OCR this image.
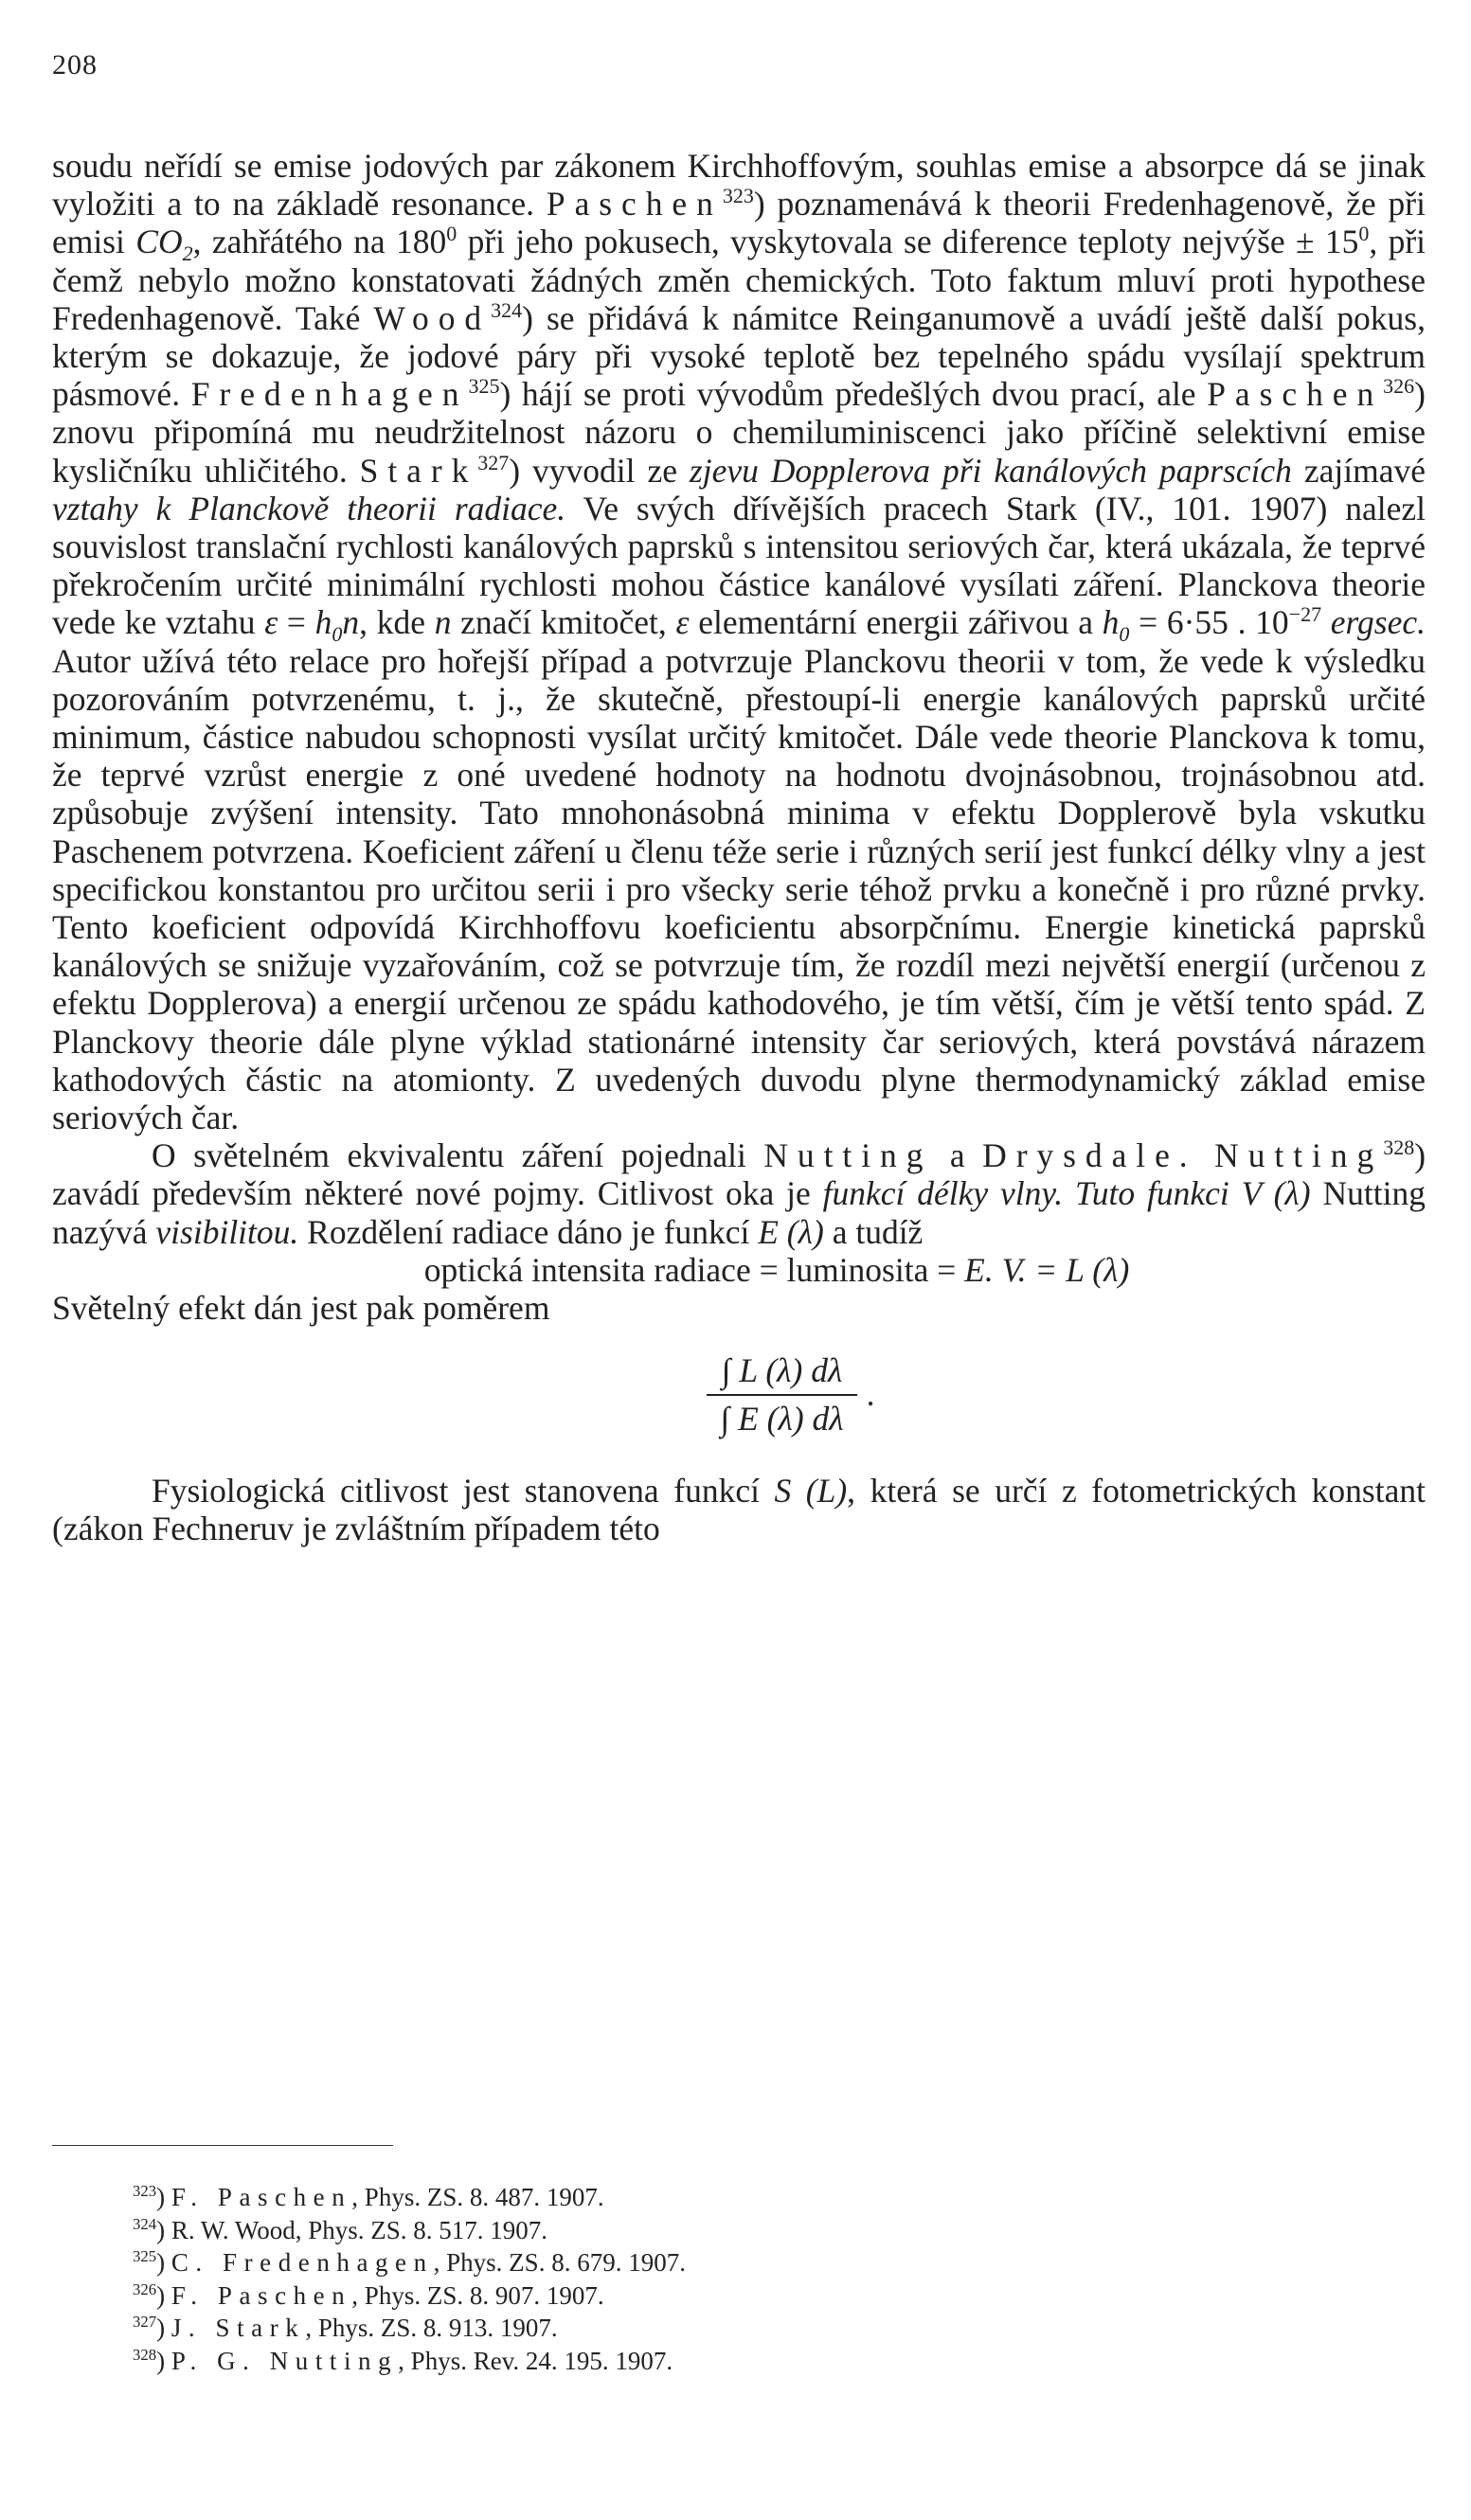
208

soudu neřídí se emise jodových par zákonem Kirchhoffovým, souhlas emise a absorpce dá se jinak vyložiti a to na základě resonance. Paschen$^{323}$) poznamenává k theorii Fredenhagenově, že při emisi $CO_2$, zahřátého na $180^0$ při jeho pokusech, vyskytovala se diference teploty nejvýše ± $15^0$, při čemž nebylo možno konstatovati žádných změn chemických. Toto faktum mluví proti hypothese Fredenhagenově. Také Wood$^{324}$) se přidává k námitce Reinganumově a uvádí ještě další pokus, kterým se dokazuje, že jodové páry při vysoké teplotě bez tepelného spádu vysílají spektrum pásmové. Fredenhagen$^{325}$) hájí se proti vývodům předešlých dvou prací, ale Paschen$^{326}$) znovu připomíná mu neudržitelnost názoru o chemiluminiscenci jako příčině selektivní emise kysličníku uhličitého. Stark$^{327}$) vyvodil ze zjevu Dopplerova při kanálových paprscích zajímavé vztahy k Planckově theorii radiace. Ve svých dřívějších pracech Stark (IV., 101. 1907) nalezl souvislost translační rychlosti kanálových paprsků s intensitou seriových čar, která ukázala, že teprvé překročením určité minimální rychlosti mohou částice kanálové vysílati záření. Planckova theorie vede ke vztahu $\varepsilon = h_0n$, kde n značí kmitočet, ε elementární energii zářivou a $h_0 = 6\cdot 55$ . $10^{-27}$ ergsec. Autor užívá této relace pro hořejší případ a potvrzuje Planckovu theorii v tom, že vede k výsledku pozorováním potvrzenému, t. j., že skutečně, přestoupí-li energie kanálových paprsků určité minimum, částice nabudou schopnosti vysílat určitý kmitočet. Dále vede theorie Planckova k tomu, že teprvé vzrůst energie z oné uvedené hodnoty na hodnotu dvojnásobnou, trojnásobnou atd. způsobuje zvýšení intensity. Tato mnohonásobná minima v efektu Dopplerově byla vskutku Paschenem potvrzena. Koeficient záření u členu téže serie i různých serií jest funkcí délky vlny a jest specifickou konstantou pro určitou serii i pro všecky serie téhož prvku a konečně i pro různé prvky. Tento koeficient odpovídá Kirchhoffovu koeficientu absorpčnímu. Energie kinetická paprsků kanálových se snižuje vyzařováním, což se potvrzuje tím, že rozdíl mezi největší energií (určenou z efektu Dopplerova) a energií určenou ze spádu kathodového, je tím větší, čím je větší tento spád. Z Planckovy theorie dále plyne výklad stationárné intensity čar seriových, která povstává nárazem kathodových částic na atomionty. Z uvedených duvodu plyne thermodynamický základ emise seriových čar.

O světelném ekvivalentu záření pojednali Nutting a Drysdale. Nutting$^{328}$) zavádí především některé nové pojmy. Citlivost oka je funkcí délky vlny. Tuto funkci V (λ) Nutting nazývá visibilitou. Rozdělení radiace dáno je funkcí E (λ) a tudíž

optická intensita radiace = luminosita = E. V. = L (λ)

Světelný efekt dán jest pak poměrem

$\frac{\int L (\lambda) d\lambda}{\int E (\lambda) d\lambda}$ .

Fysiologická citlivost jest stanovena funkcí S (L), která se určí z fotometrických konstant (zákon Fechneruv je zvláštním případem této

$^{323}$) F. Paschen, Phys. ZS. 8. 487. 1907.

$^{324}$) R. W. Wood, Phys. ZS. 8. 517. 1907.

$^{325}$) C. Fredenhagen, Phys. ZS. 8. 679. 1907.

$^{326}$) F. Paschen, Phys. ZS. 8. 907. 1907.

$^{327}$) J. Stark, Phys. ZS. 8. 913. 1907.

$^{328}$) P. G. Nutting, Phys. Rev. 24. 195. 1907.
